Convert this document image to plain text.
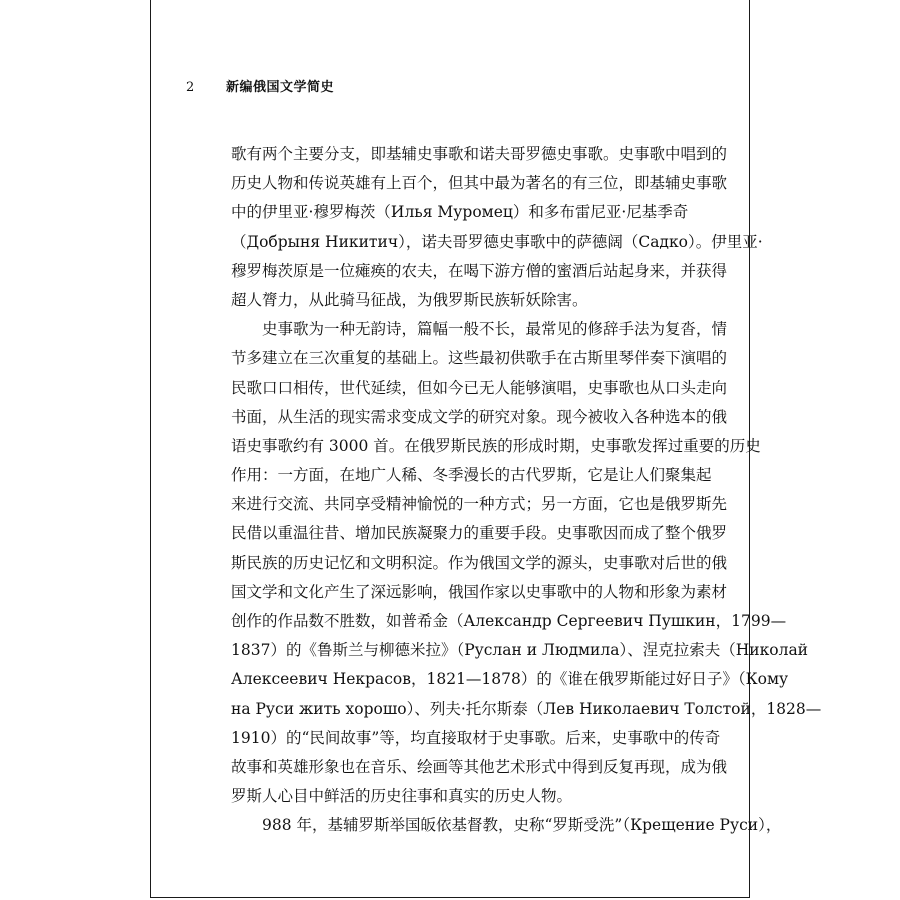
2 新编俄国文学简史
歌有两个主要分支，即基辅史事歌和诺夫哥罗德史事歌。史事歌中唱到的
历史人物和传说英雄有上百个，但其中最为著名的有三位，即基辅史事歌
中的伊里亚·穆罗梅茨（Илья Муромец）和多布雷尼亚·尼基季奇
（Добрыня Никитич），诺夫哥罗德史事歌中的萨德阔（Садко）。伊里亚·
穆罗梅茨原是一位瘫痪的农夫，在喝下游方僧的蜜酒后站起身来，并获得
超人膂力，从此骑马征战，为俄罗斯民族斩妖除害。
史事歌为一种无韵诗，篇幅一般不长，最常见的修辞手法为复沓，情
节多建立在三次重复的基础上。这些最初供歌手在古斯里琴伴奏下演唱的
民歌口口相传，世代延续，但如今已无人能够演唱，史事歌也从口头走向
书面，从生活的现实需求变成文学的研究对象。现今被收入各种选本的俄
语史事歌约有 3000 首。在俄罗斯民族的形成时期，史事歌发挥过重要的历史
作用：一方面，在地广人稀、冬季漫长的古代罗斯，它是让人们聚集起
来进行交流、共同享受精神愉悦的一种方式；另一方面，它也是俄罗斯先
民借以重温往昔、增加民族凝聚力的重要手段。史事歌因而成了整个俄罗
斯民族的历史记忆和文明积淀。作为俄国文学的源头，史事歌对后世的俄
国文学和文化产生了深远影响，俄国作家以史事歌中的人物和形象为素材
创作的作品数不胜数，如普希金（Александр Сергеевич Пушкин，1799—
1837）的《鲁斯兰与柳德米拉》（Руслан и Людмила）、涅克拉索夫（Николай
Алексеевич Некрасов，1821—1878）的《谁在俄罗斯能过好日子》（Кому
на Руси жить хорошо）、列夫·托尔斯泰（Лев Николаевич Толстой，1828—
1910）的“民间故事”等，均直接取材于史事歌。后来，史事歌中的传奇
故事和英雄形象也在音乐、绘画等其他艺术形式中得到反复再现，成为俄
罗斯人心目中鲜活的历史往事和真实的历史人物。
988 年，基辅罗斯举国皈依基督教，史称“罗斯受洗”（Крещение Руси），
